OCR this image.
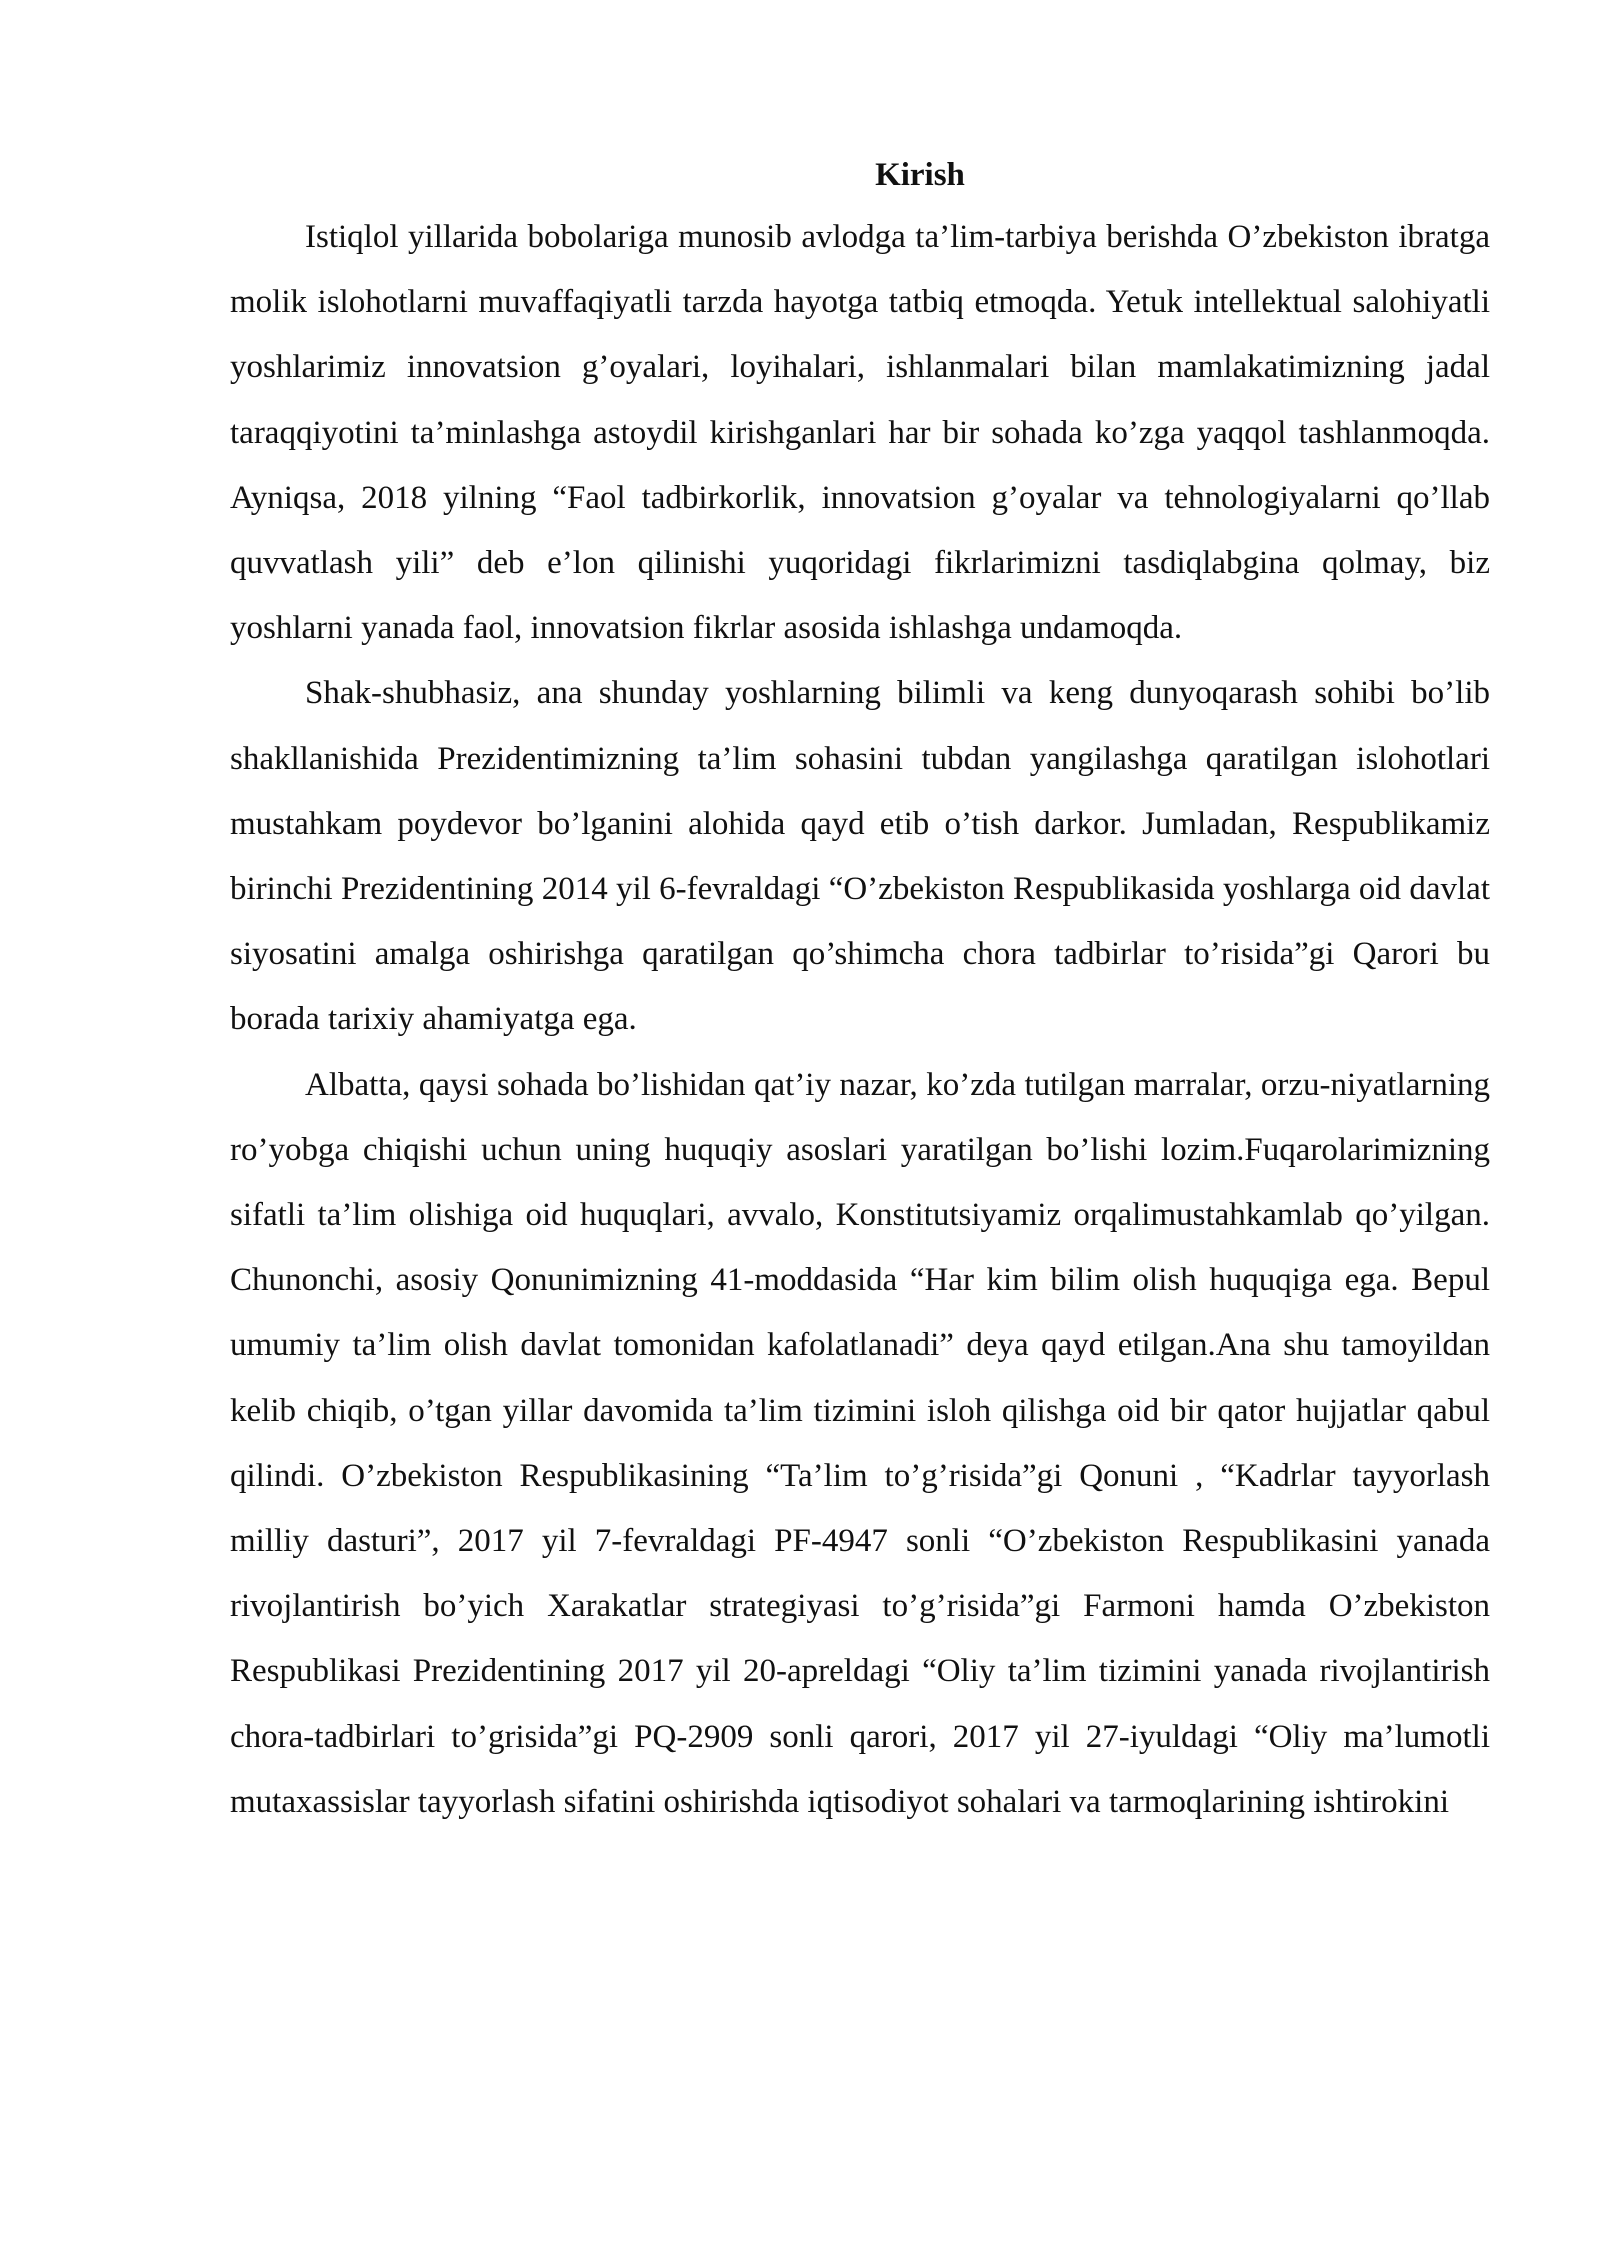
Kirish

Istiqlol yillarida bobolariga munosib avlodga ta’lim-tarbiya berishda O’zbekiston ibratga molik islohotlarni muvaffaqiyatli tarzda hayotga tatbiq etmoqda. Yetuk intellektual salohiyatli yoshlarimiz innovatsion g’oyalari, loyihalari, ishlanmalari bilan mamlakatimizning jadal taraqqiyotini ta’minlashga astoydil kirishganlari har bir sohada ko’zga yaqqol tashlanmoqda. Ayniqsa, 2018 yilning “Faol tadbirkorlik, innovatsion g’oyalar va tehnologiyalarni qo’llab quvvatlash yili” deb e’lon qilinishi yuqoridagi fikrlarimizni tasdiqlabgina qolmay, biz yoshlarni yanada faol, innovatsion fikrlar asosida ishlashga undamoqda.

Shak-shubhasiz, ana shunday yoshlarning bilimli va keng dunyoqarash sohibi bo’lib shakllanishida Prezidentimizning ta’lim sohasini tubdan yangilashga qaratilgan islohotlari mustahkam poydevor bo’lganini alohida qayd etib o’tish darkor. Jumladan, Respublikamiz birinchi Prezidentining 2014 yil 6-fevraldagi “O’zbekiston Respublikasida yoshlarga oid davlat siyosatini amalga oshirishga qaratilgan qo’shimcha chora tadbirlar to’risida”gi Qarori bu borada tarixiy ahamiyatga ega.

Albatta, qaysi sohada bo’lishidan qat’iy nazar, ko’zda tutilgan marralar, orzu-niyatlarning ro’yobga chiqishi uchun uning huquqiy asoslari yaratilgan bo’lishi lozim.Fuqarolarimizning sifatli ta’lim olishiga oid huquqlari, avvalo, Konstitutsiyamiz orqalimustahkamlab qo’yilgan. Chunonchi, asosiy Qonunimizning 41-moddasida “Har kim bilim olish huquqiga ega. Bepul umumiy ta’lim olish davlat tomonidan kafolatlanadi” deya qayd etilgan.Ana shu tamoyildan kelib chiqib, o’tgan yillar davomida ta’lim tizimini isloh qilishga oid bir qator hujjatlar qabul qilindi. O’zbekiston Respublikasining “Ta’lim to’g’risida”gi Qonuni , “Kadrlar tayyorlash milliy dasturi”, 2017 yil 7-fevraldagi PF-4947 sonli “O’zbekiston Respublikasini yanada rivojlantirish bo’yich Xarakatlar strategiyasi to’g’risida”gi Farmoni hamda O’zbekiston Respublikasi Prezidentining 2017 yil 20-apreldagi “Oliy ta’lim tizimini yanada rivojlantirish chora-tadbirlari to’grisida”gi PQ-2909 sonli qarori, 2017 yil 27-iyuldagi “Oliy ma’lumotli mutaxassislar tayyorlash sifatini oshirishda iqtisodiyot sohalari va tarmoqlarining ishtirokini
